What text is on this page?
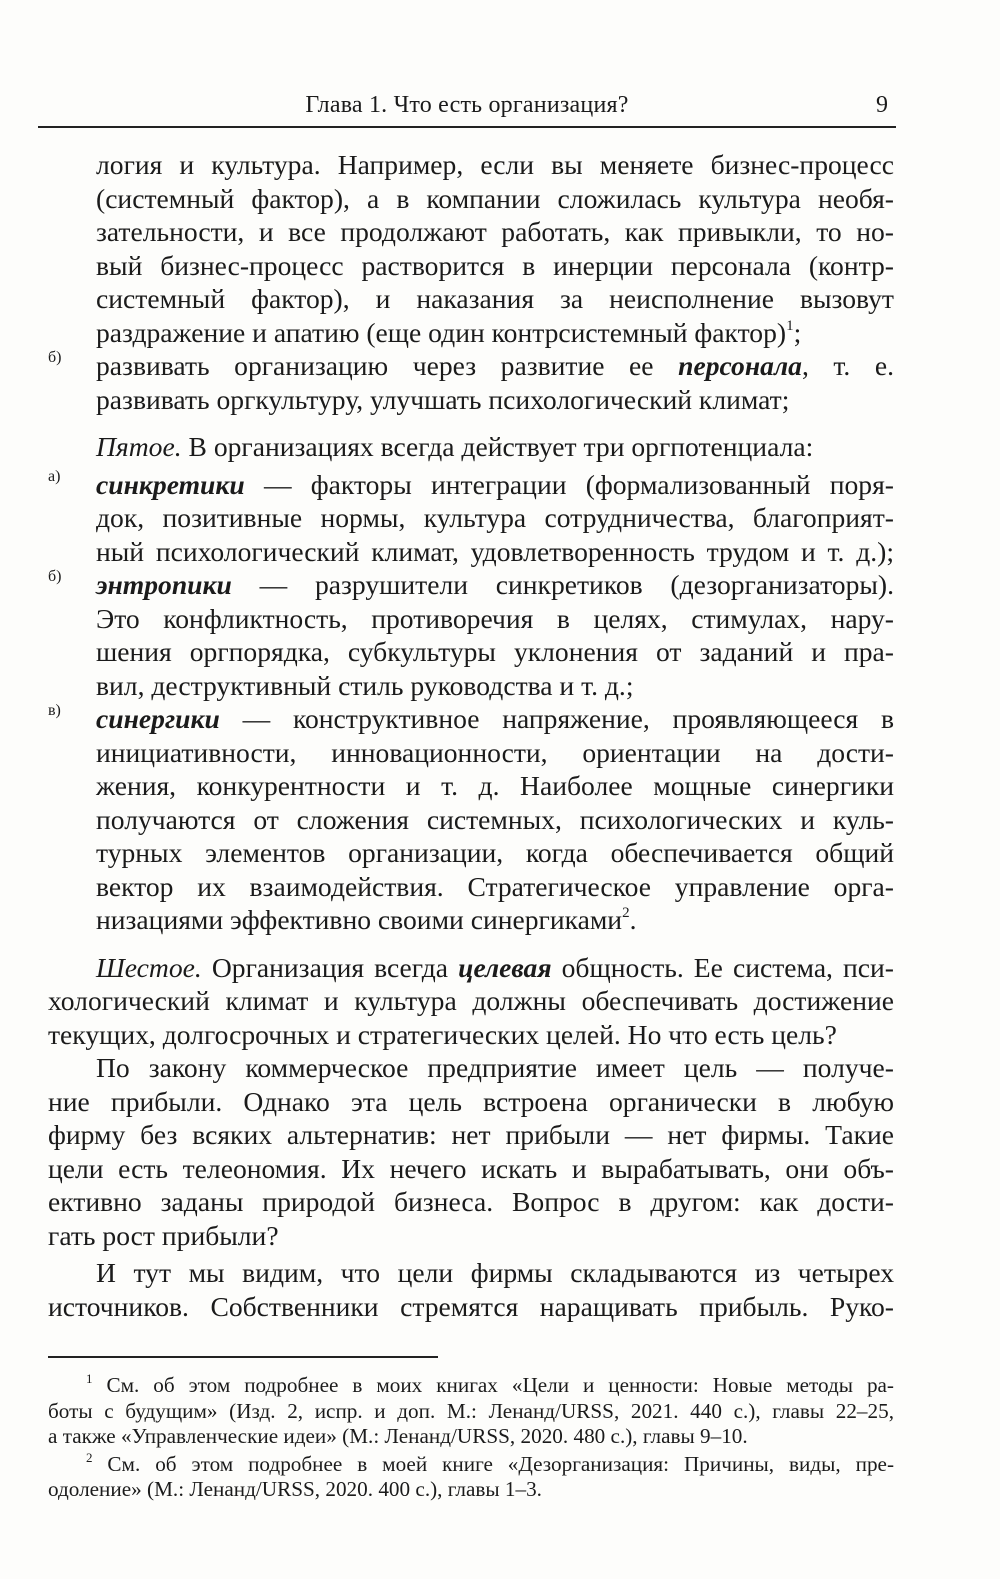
Глава 1. Что есть организация?	9
логия и культура. Например, если вы меняете бизнес-процесс
(системный фактор), а в компании сложилась культура необя-
зательности, и все продолжают работать, как привыкли, то но-
вый бизнес-процесс растворится в инерции персонала (контр-
системный фактор), и наказания за неисполнение вызовут
раздражение и апатию (еще один контрсистемный фактор)$^1$;
б) развивать организацию через развитие ее персонала, т. е.
развивать оргкультуру, улучшать психологический климат;
Пятое. В организациях всегда действует три оргпотенциала:
а) синкретики — факторы интеграции (формализованный поря-
док, позитивные нормы, культура сотрудничества, благоприят-
ный психологический климат, удовлетворенность трудом и т. д.);
б) энтропики — разрушители синкретиков (дезорганизаторы).
Это конфликтность, противоречия в целях, стимулах, нару-
шения оргпорядка, субкультуры уклонения от заданий и пра-
вил, деструктивный стиль руководства и т. д.;
в) синергики — конструктивное напряжение, проявляющееся в
инициативности, инновационности, ориентации на дости-
жения, конкурентности и т. д. Наиболее мощные синергики
получаются от сложения системных, психологических и куль-
турных элементов организации, когда обеспечивается общий
вектор их взаимодействия. Стратегическое управление орга-
низациями эффективно своими синергиками$^2$.
Шестое. Организация всегда целевая общность. Ее система, пси-
хологический климат и культура должны обеспечивать достижение
текущих, долгосрочных и стратегических целей. Но что есть цель?
По закону коммерческое предприятие имеет цель — получе-
ние прибыли. Однако эта цель встроена органически в любую
фирму без всяких альтернатив: нет прибыли — нет фирмы. Такие
цели есть телеономия. Их нечего искать и вырабатывать, они объ-
ективно заданы природой бизнеса. Вопрос в другом: как дости-
гать рост прибыли?
И тут мы видим, что цели фирмы складываются из четырех
источников. Собственники стремятся наращивать прибыль. Руко-
$^1$ См. об этом подробнее в моих книгах «Цели и ценности: Новые методы ра-
боты с будущим» (Изд. 2, испр. и доп. М.: Ленанд/URSS, 2021. 440 с.), главы 22–25,
а также «Управленческие идеи» (М.: Ленанд/URSS, 2020. 480 с.), главы 9–10.
$^2$ См. об этом подробнее в моей книге «Дезорганизация: Причины, виды, пре-
одоление» (М.: Ленанд/URSS, 2020. 400 с.), главы 1–3.
